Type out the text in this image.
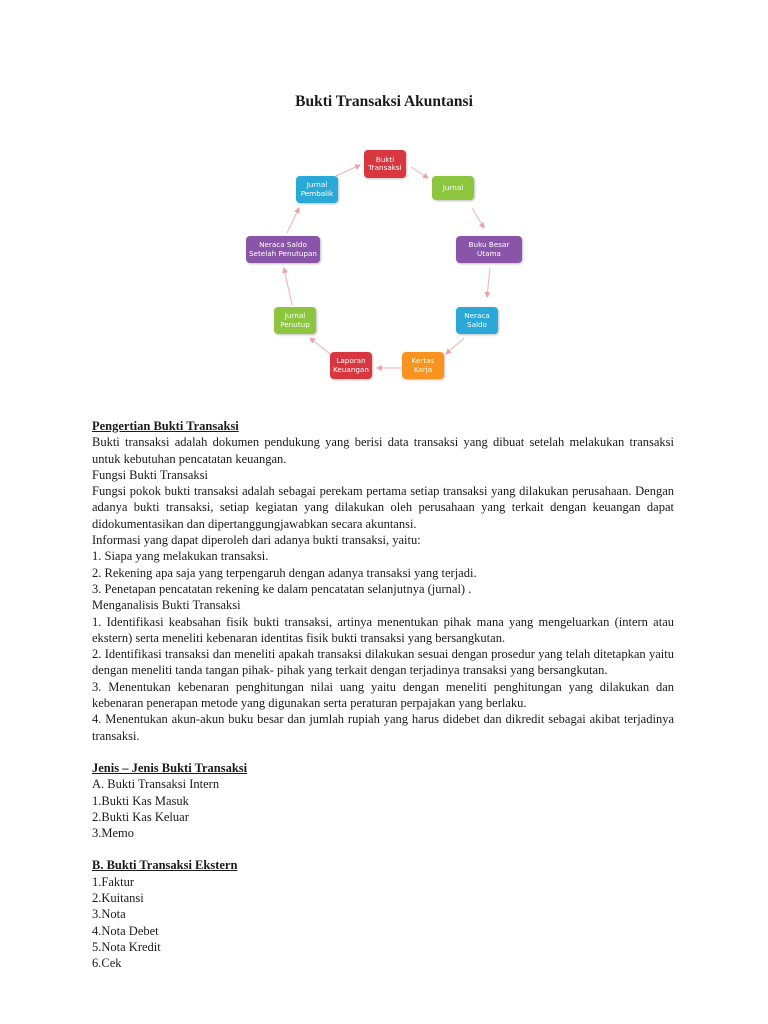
Bukti Transaksi Akuntansi
Bukti Transaksi
Jurnal
Buku Besar Utama
Neraca Saldo
Kertas Karja
Laporan Keuangan
Jurnal Penutup
Neraca Saldo Setelah Penutupan
Jurnal Pembalik
Pengertian Bukti Transaksi
Bukti transaksi adalah dokumen pendukung yang berisi data transaksi yang dibuat setelah melakukan transaksi untuk kebutuhan pencatatan keuangan.
Fungsi Bukti Transaksi
Fungsi pokok bukti transaksi adalah sebagai perekam pertama setiap transaksi yang dilakukan perusahaan. Dengan adanya bukti transaksi, setiap kegiatan yang dilakukan oleh perusahaan yang terkait dengan keuangan dapat didokumentasikan dan dipertanggungjawabkan secara akuntansi.
Informasi yang dapat diperoleh dari adanya bukti transaksi, yaitu:
1. Siapa yang melakukan transaksi.
2. Rekening apa saja yang terpengaruh dengan adanya transaksi yang terjadi.
3. Penetapan pencatatan rekening ke dalam pencatatan selanjutnya (jurnal) .
Menganalisis Bukti Transaksi
1. Identifikasi keabsahan fisik bukti transaksi, artinya menentukan pihak mana yang mengeluarkan (intern atau ekstern) serta meneliti kebenaran identitas fisik bukti transaksi yang bersangkutan.
2. Identifikasi transaksi dan meneliti apakah transaksi dilakukan sesuai dengan prosedur yang telah ditetapkan yaitu dengan meneliti tanda tangan pihak- pihak yang terkait dengan terjadinya transaksi yang bersangkutan.
3. Menentukan kebenaran penghitungan nilai uang yaitu dengan meneliti penghitungan yang dilakukan dan kebenaran penerapan metode yang digunakan serta peraturan perpajakan yang berlaku.
4. Menentukan akun-akun buku besar dan jumlah rupiah yang harus didebet dan dikredit sebagai akibat terjadinya transaksi.
Jenis – Jenis Bukti Transaksi
A. Bukti Transaksi Intern
1.Bukti Kas Masuk
2.Bukti Kas Keluar
3.Memo
B. Bukti Transaksi Ekstern
1.Faktur
2.Kuitansi
3.Nota
4.Nota Debet
5.Nota Kredit
6.Cek
